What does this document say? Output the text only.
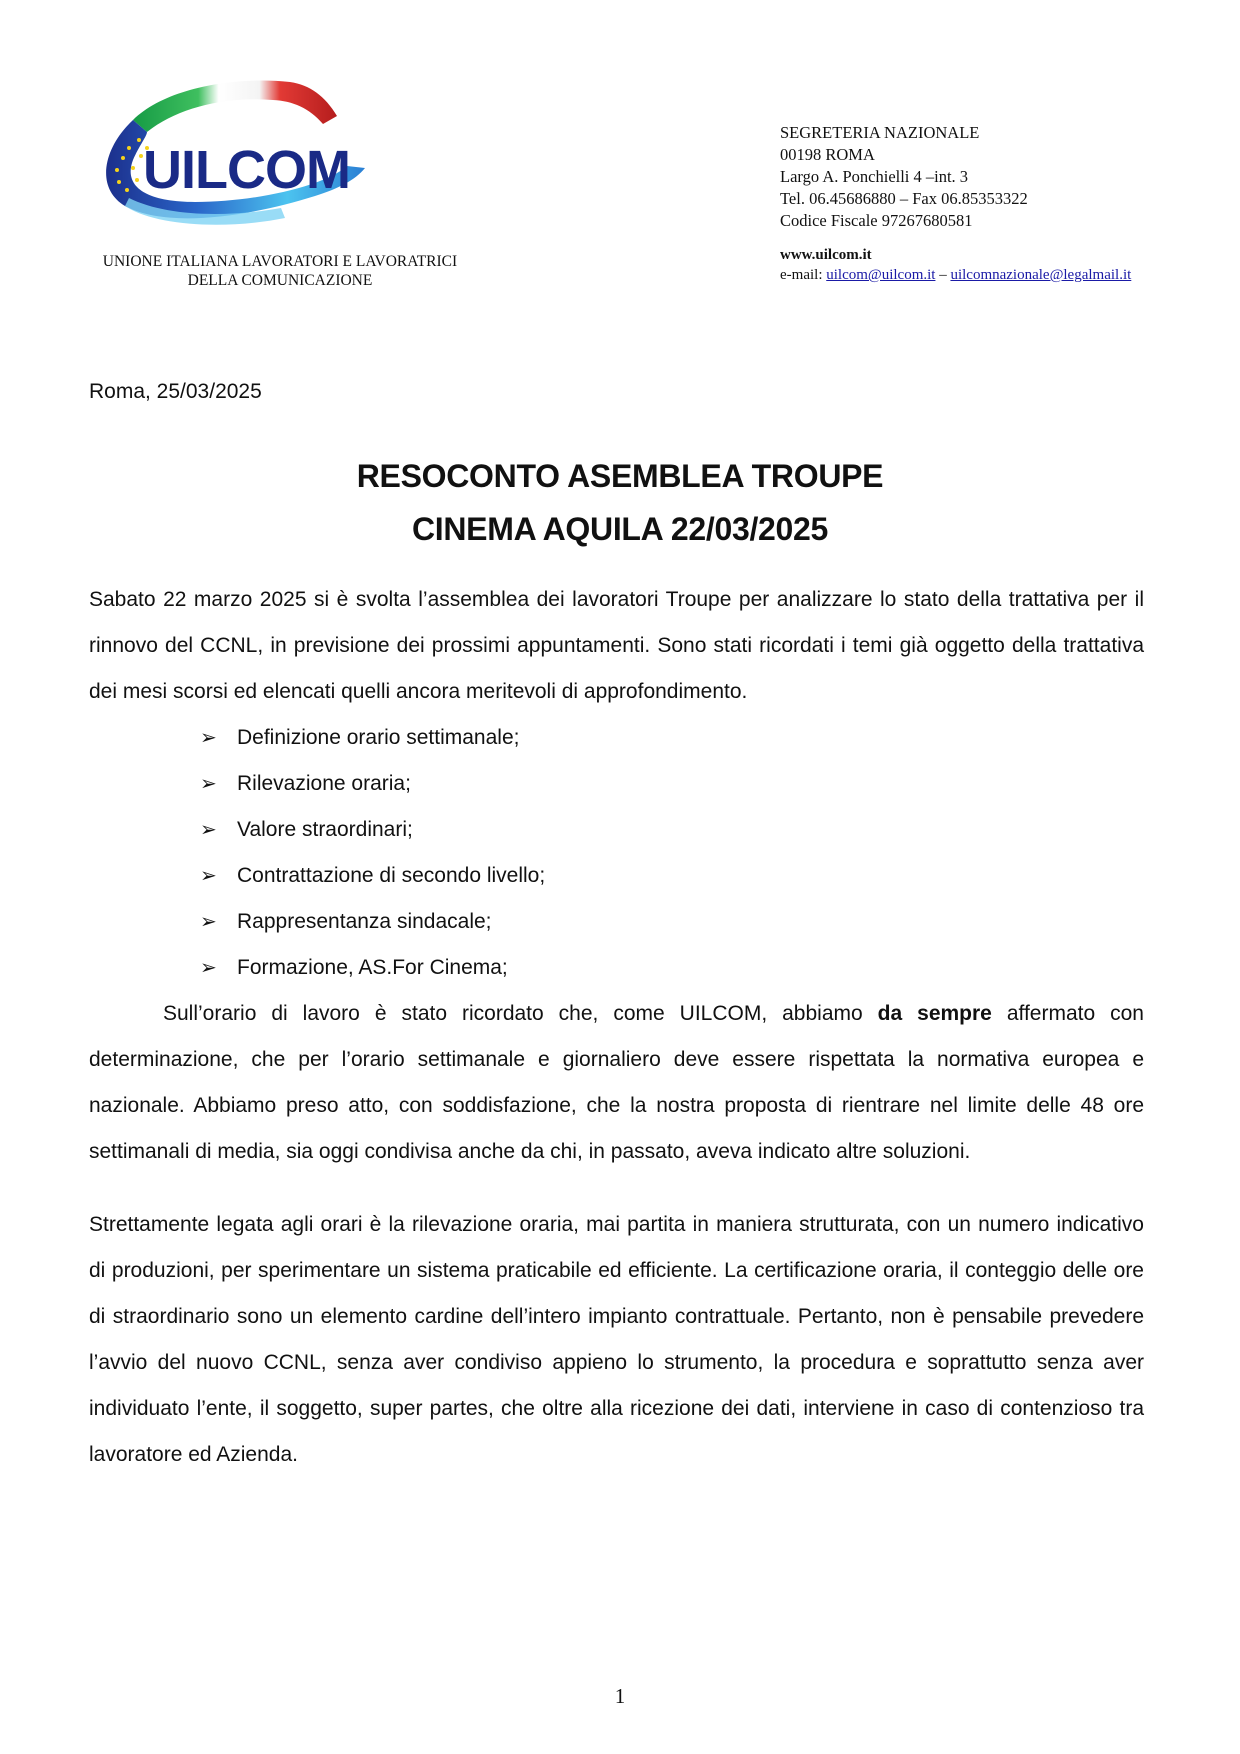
UILCOM
UNIONE ITALIANA LAVORATORI E LAVORATRICI
DELLA COMUNICAZIONE
SEGRETERIA NAZIONALE
00198 ROMA
Largo A. Ponchielli 4 –int. 3
Tel. 06.45686880 – Fax 06.85353322
Codice Fiscale 97267680581
www.uilcom.it
e-mail: uilcom@uilcom.it – uilcomnazionale@legalmail.it
Roma, 25/03/2025
RESOCONTO ASEMBLEA TROUPE
CINEMA AQUILA 22/03/2025
Sabato 22 marzo 2025 si è svolta l’assemblea dei lavoratori Troupe per analizzare lo stato della trattativa per il rinnovo del CCNL, in previsione dei prossimi appuntamenti. Sono stati ricordati i temi già oggetto della trattativa dei mesi scorsi ed elencati quelli ancora meritevoli di approfondimento.
➢ Definizione orario settimanale;
➢ Rilevazione oraria;
➢ Valore straordinari;
➢ Contrattazione di secondo livello;
➢ Rappresentanza sindacale;
➢ Formazione, AS.For Cinema;
Sull’orario di lavoro è stato ricordato che, come UILCOM, abbiamo da sempre affermato con determinazione, che per l’orario settimanale e giornaliero deve essere rispettata la normativa europea e nazionale. Abbiamo preso atto, con soddisfazione, che la nostra proposta di rientrare nel limite delle 48 ore settimanali di media, sia oggi condivisa anche da chi, in passato, aveva indicato altre soluzioni.
Strettamente legata agli orari è la rilevazione oraria, mai partita in maniera strutturata, con un numero indicativo di produzioni, per sperimentare un sistema praticabile ed efficiente. La certificazione oraria, il conteggio delle ore di straordinario sono un elemento cardine dell’intero impianto contrattuale. Pertanto, non è pensabile prevedere l’avvio del nuovo CCNL, senza aver condiviso appieno lo strumento, la procedura e soprattutto senza aver individuato l’ente, il soggetto, super partes, che oltre alla ricezione dei dati, interviene in caso di contenzioso tra lavoratore ed Azienda.
1
